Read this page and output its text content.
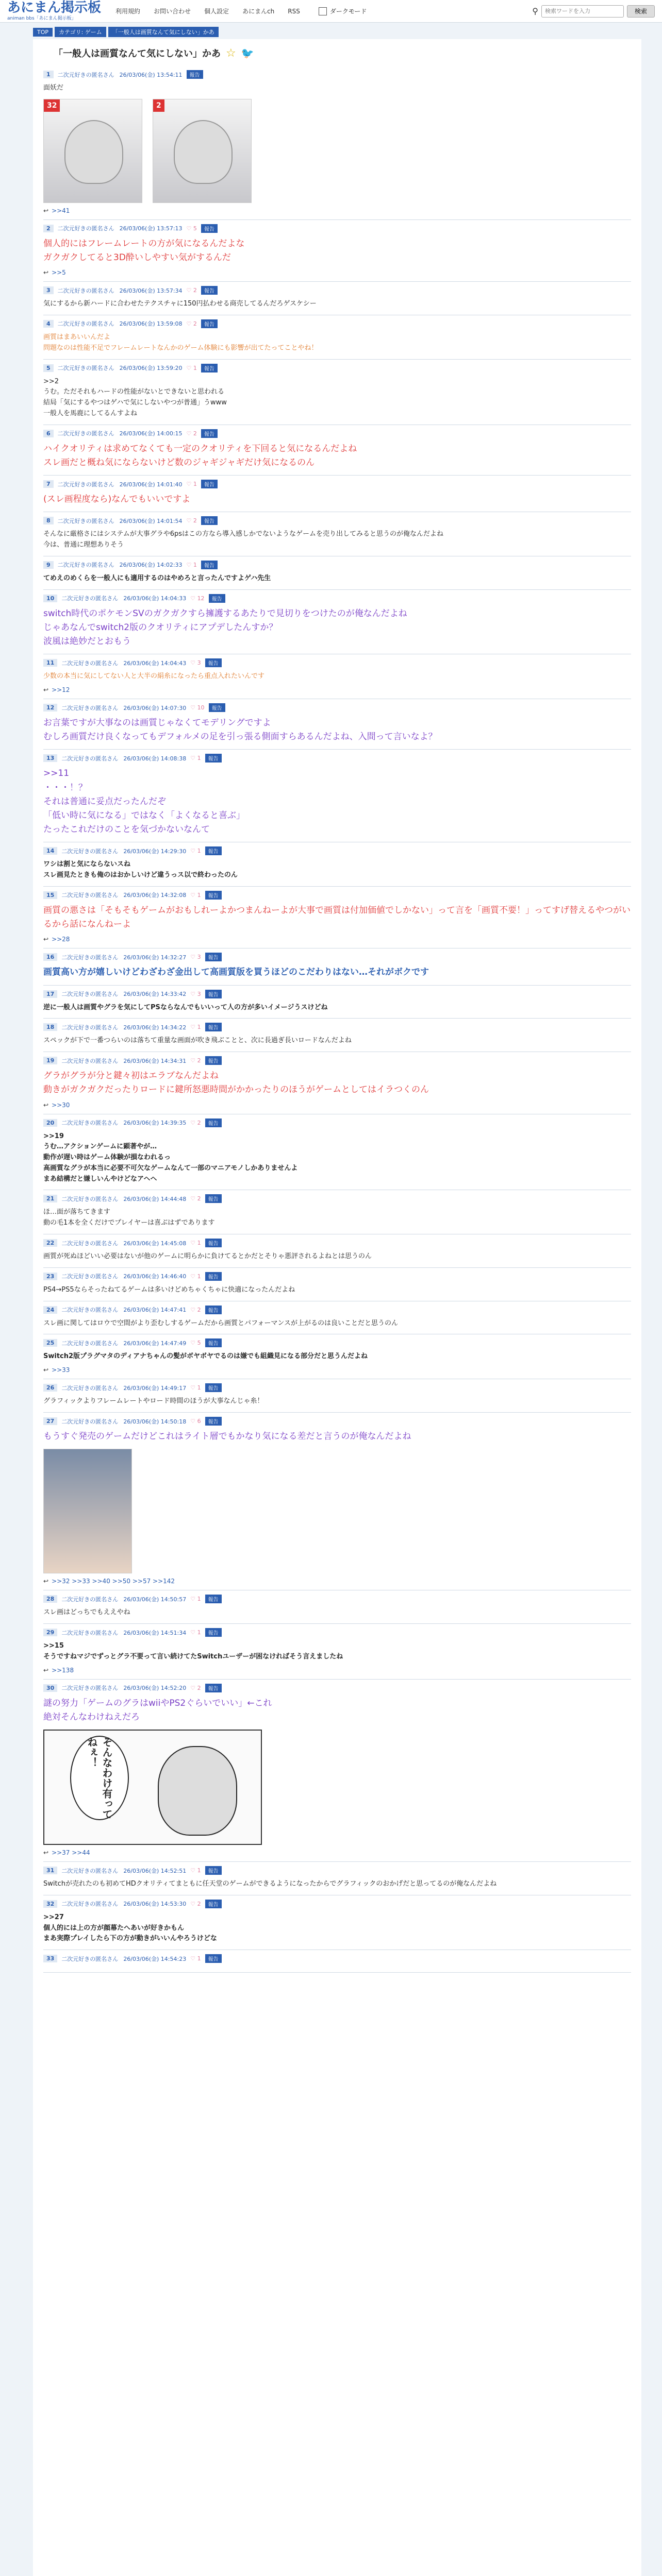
あにまん掲示板
animan bbs「あにまん掲示板」
利用規約 お問い合わせ 個人設定 あにまんch RSS	ダークモード	⚲
検索ワードを入力	検索
TOP	カテゴリ: ゲーム	「一般人は画質なんて気にしない」かあ
「一般人は画質なんて気にしない」かあ ☆ 🐦
1	二次元好きの匿名さん 26/03/06(金) 13:54:11	報告

面妖だ

32	2
↩ >>41
2	二次元好きの匿名さん 26/03/06(金) 13:57:13 ♡ 5	報告

個人的にはフレームレートの方が気になるんだよな

ガクガクしてると3D酔いしやすい気がするんだ

↩ >>5
3	二次元好きの匿名さん 26/03/06(金) 13:57:34 ♡ 2	報告

気にするから新ハードに合わせたテクスチャに150円払わせる商売してるんだろゲスケシー

4	二次元好きの匿名さん 26/03/06(金) 13:59:08 ♡ 2	報告

画質はまあいいんだよ

問題なのは性能不足でフレームレートなんかのゲーム体験にも影響が出てたってことやね！

5	二次元好きの匿名さん 26/03/06(金) 13:59:20 ♡ 1	報告

>>2

うむ。ただそれもハードの性能がないとできないと思われる

結局「気にするやつはゲハで気にしないやつが普通」うwww

一般人を馬鹿にしてるんすよね

6	二次元好きの匿名さん 26/03/06(金) 14:00:15 ♡ 2	報告

ハイクオリティは求めてなくても一定のクオリティを下回ると気になるんだよね

スレ画だと概ね気にならないけど数のジャギジャギだけ気になるのん

7	二次元好きの匿名さん 26/03/06(金) 14:01:40 ♡ 1	報告

(スレ画程度なら)なんでもいいですよ

8	二次元好きの匿名さん 26/03/06(金) 14:01:54 ♡ 2	報告

そんなに厳格さにはシステムが大事グラや6psはこの方なら導入感しかでないようなゲームを売り出してみると思うのが俺なんだよね

今は、普通に理想ありそう

9	二次元好きの匿名さん 26/03/06(金) 14:02:33 ♡ 1	報告

てめえのめくらを一般人にも適用するのはやめろと言ったんですよゲハ先生

10	二次元好きの匿名さん 26/03/06(金) 14:04:33 ♡ 12	報告

switch時代のポケモンSVのガクガクすら擁護するあたりで見切りをつけたのが俺なんだよね

じゃあなんでswitch2版のクオリティにアプデしたんすか？

波風は絶妙だとおもう

11	二次元好きの匿名さん 26/03/06(金) 14:04:43 ♡ 3	報告

少数の本当に気にしてない人と大半の絹糸になったら重点入れたいんです

↩ >>12
12	二次元好きの匿名さん 26/03/06(金) 14:07:30 ♡ 10	報告

お言葉ですが大事なのは画質じゃなくてモデリングですよ

むしろ画質だけ良くなってもデフォルメの足を引っ張る側面すらあるんだよね、入間って言いなよ？

13	二次元好きの匿名さん 26/03/06(金) 14:08:38 ♡ 1	報告

>>11

・・・！？

それは普通に妥点だったんだぞ

「低い時に気になる」ではなく「よくなると喜ぶ」

たったこれだけのことを気づかないなんて

14	二次元好きの匿名さん 26/03/06(金) 14:29:30 ♡ 1	報告

ワシは割と気にならないスね

スレ画見たときも俺のはおかしいけど違うっス以で終わったのん

15	二次元好きの匿名さん 26/03/06(金) 14:32:08 ♡ 1	報告

画質の悪さは「そもそもゲームがおもしれーよかつまんねーよが大事で画質は付加価値でしかない」って言を「画質不要！」ってすげ替えるやつがいるから話になんねーよ

↩ >>28
16	二次元好きの匿名さん 26/03/06(金) 14:32:27 ♡ 3	報告

画質高い方が嬉しいけどわざわざ金出して高画質版を買うほどのこだわりはない…それがボクです

17	二次元好きの匿名さん 26/03/06(金) 14:33:42 ♡ 3	報告

逆に一般人は画質やグラを気にしてPSならなんでもいいって人の方が多いイメージうスけどね

18	二次元好きの匿名さん 26/03/06(金) 14:34:22 ♡ 1	報告

スペックが下で一番つらいのは落ちて重量な画面が吹き飛ぶことと、次に長過ぎ長いロードなんだよね

19	二次元好きの匿名さん 26/03/06(金) 14:34:31 ♡ 2	報告

グラがグラが分と鍵々初はエラブなんだよね

動きがガクガクだったりロードに鍵所怒悪時間がかかったりのほうがゲームとしてはイラつくのん

↩ >>30
20	二次元好きの匿名さん 26/03/06(金) 14:39:35 ♡ 2	報告

>>19

うむ…アクションゲームに顕著やが…

動作が遅い時はゲーム体験が損なわれるっ

高画質なグラが本当に必要不可欠なゲームなんて一部のマニアモノしかありませんよ

まあ結構だと嫌しいんやけどなアヘヘ

21	二次元好きの匿名さん 26/03/06(金) 14:44:48 ♡ 2	報告

ほ…面が落ちてきます

動の毛1本を全くだけでプレイヤーは喜ぶはずであります

22	二次元好きの匿名さん 26/03/06(金) 14:45:08 ♡ 1	報告

画質が死ぬほどいい必要はないが他のゲームに明らかに負けてるとかだとそりゃ悪評されるよねとは思うのん

23	二次元好きの匿名さん 26/03/06(金) 14:46:40 ♡ 1	報告

PS4→PS5ならそったねてるゲームは多いけどめちゃくちゃに快適になったんだよね

24	二次元好きの匿名さん 26/03/06(金) 14:47:41 ♡ 2	報告

スレ画に関してはロウで空間がより歪むしするゲームだから画質とパフォーマンスが上がるのは良いことだと思うのん

25	二次元好きの匿名さん 26/03/06(金) 14:47:49 ♡ 5	報告

Switch2版プラグマタのディアナちゃんの髪がボヤボヤでるのは嫌でも組織見になる部分だと思うんだよね

↩ >>33
26	二次元好きの匿名さん 26/03/06(金) 14:49:17 ♡ 1	報告

グラフィックよりフレームレートやロード時間のほうが大事なんじゃ糸！

27	二次元好きの匿名さん 26/03/06(金) 14:50:18 ♡ 6	報告

もうすぐ発売のゲームだけどこれはライト層でもかなり気になる差だと言うのが俺なんだよね

↩ >>32 >>33 >>40 >>50 >>57 >>142
28	二次元好きの匿名さん 26/03/06(金) 14:50:57 ♡ 1	報告

スレ画はどっちでもええやね

29	二次元好きの匿名さん 26/03/06(金) 14:51:34 ♡ 1	報告

>>15

そうですねマジでずっとグラ不要って言い続けてたSwitchユーザーが困なければそう言えましたね

↩ >>138
30	二次元好きの匿名さん 26/03/06(金) 14:52:20 ♡ 2	報告

謎の努力「ゲームのグラはwiiやPS2ぐらいでいい」←これ

絶対そんなわけねえだろ

そんなわけ有ってねぇ！
↩ >>37 >>44
31	二次元好きの匿名さん 26/03/06(金) 14:52:51 ♡ 1	報告

Switchが売れたのも初めてHDクオリティてまともに任天堂のゲームができるようになったからでグラフィックのおかげだと思ってるのが俺なんだよね

32	二次元好きの匿名さん 26/03/06(金) 14:53:30 ♡ 2	報告

>>27

個人的には上の方が顔幕たへあいが好きかもん

まあ実際プレイしたら下の方が動きがいいんやろうけどな

33	二次元好きの匿名さん 26/03/06(金) 14:54:23 ♡ 1	報告
